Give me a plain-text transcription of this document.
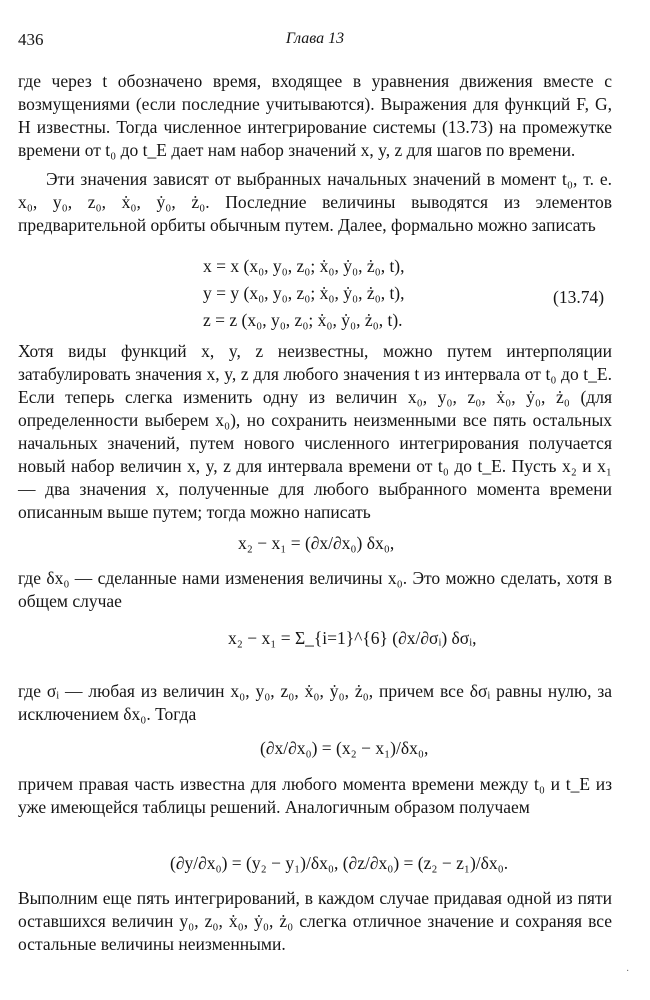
436	Глава 13

где через t обозначено время, входящее в уравнения движения вместе с возмущениями (если последние учитываются). Выражения для функций F, G, H известны. Тогда численное интегрирование системы (13.73) на промежутке времени от t₀ до t_E дает нам набор значений x, y, z для шагов по времени.

Эти значения зависят от выбранных начальных значений в момент t₀, т. е. x₀, y₀, z₀, ẋ₀, ẏ₀, ż₀. Последние величины выводятся из элементов предварительной орбиты обычным путем. Далее, формально можно записать

x = x (x₀, y₀, z₀; ẋ₀, ẏ₀, ż₀, t),
y = y (x₀, y₀, z₀; ẋ₀, ẏ₀, ż₀, t),
z = z (x₀, y₀, z₀; ẋ₀, ẏ₀, ż₀, t).
(13.74)

Хотя виды функций x, y, z неизвестны, можно путем интерполяции затабулировать значения x, y, z для любого значения t из интервала от t₀ до t_E. Если теперь слегка изменить одну из величин x₀, y₀, z₀, ẋ₀, ẏ₀, ż₀ (для определенности выберем x₀), но сохранить неизменными все пять остальных начальных значений, путем нового численного интегрирования получается новый набор величин x, y, z для интервала времени от t₀ до t_E. Пусть x₂ и x₁ — два значения x, полученные для любого выбранного момента времени описанным выше путем; тогда можно написать

x₂ − x₁ = (∂x/∂x₀) δx₀,

где δx₀ — сделанные нами изменения величины x₀. Это можно сделать, хотя в общем случае

x₂ − x₁ = Σ_{i=1}^{6} (∂x/∂σᵢ) δσᵢ,

где σᵢ — любая из величин x₀, y₀, z₀, ẋ₀, ẏ₀, ż₀, причем все δσᵢ равны нулю, за исключением δx₀. Тогда

(∂x/∂x₀) = (x₂ − x₁)/δx₀,

причем правая часть известна для любого момента времени между t₀ и t_E из уже имеющейся таблицы решений. Аналогичным образом получаем

(∂y/∂x₀) = (y₂ − y₁)/δx₀, (∂z/∂x₀) = (z₂ − z₁)/δx₀.

Выполним еще пять интегрирований, в каждом случае придавая одной из пяти оставшихся величин y₀, z₀, ẋ₀, ẏ₀, ż₀ слегка отличное значение и сохраняя все остальные величины неизменными.

·
